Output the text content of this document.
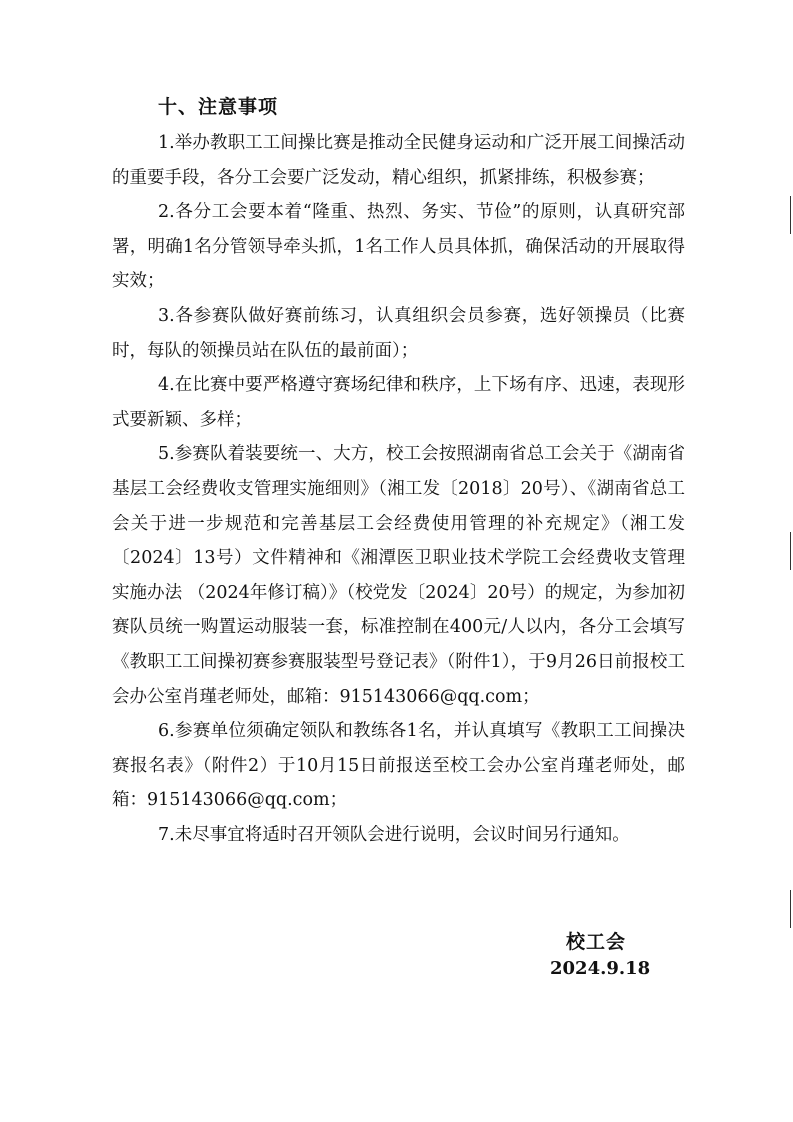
十、注意事项

1.举办教职工工间操比赛是推动全民健身运动和广泛开展工间操活动的重要手段，各分工会要广泛发动，精心组织，抓紧排练，积极参赛；

2.各分工会要本着“隆重、热烈、务实、节俭”的原则，认真研究部署，明确1名分管领导牵头抓，1名工作人员具体抓，确保活动的开展取得实效；

3.各参赛队做好赛前练习，认真组织会员参赛，选好领操员（比赛时，每队的领操员站在队伍的最前面）；

4.在比赛中要严格遵守赛场纪律和秩序，上下场有序、迅速，表现形式要新颖、多样；

5.参赛队着装要统一、大方，校工会按照湖南省总工会关于《湖南省基层工会经费收支管理实施细则》（湘工发〔2018〕20号）、《湖南省总工会关于进一步规范和完善基层工会经费使用管理的补充规定》（湘工发〔2024〕13号）文件精神和《湘潭医卫职业技术学院工会经费收支管理实施办法 （2024年修订稿）》（校党发〔2024〕20号）的规定，为参加初赛队员统一购置运动服装一套，标准控制在400元/人以内，各分工会填写《教职工工间操初赛参赛服装型号登记表》（附件1），于9月26日前报校工会办公室肖瑾老师处，邮箱：915143066@qq.com；

6.参赛单位须确定领队和教练各1名，并认真填写《教职工工间操决赛报名表》（附件2）于10月15日前报送至校工会办公室肖瑾老师处，邮箱：915143066@qq.com；

7.未尽事宜将适时召开领队会进行说明，会议时间另行通知。

校工会
2024.9.18
